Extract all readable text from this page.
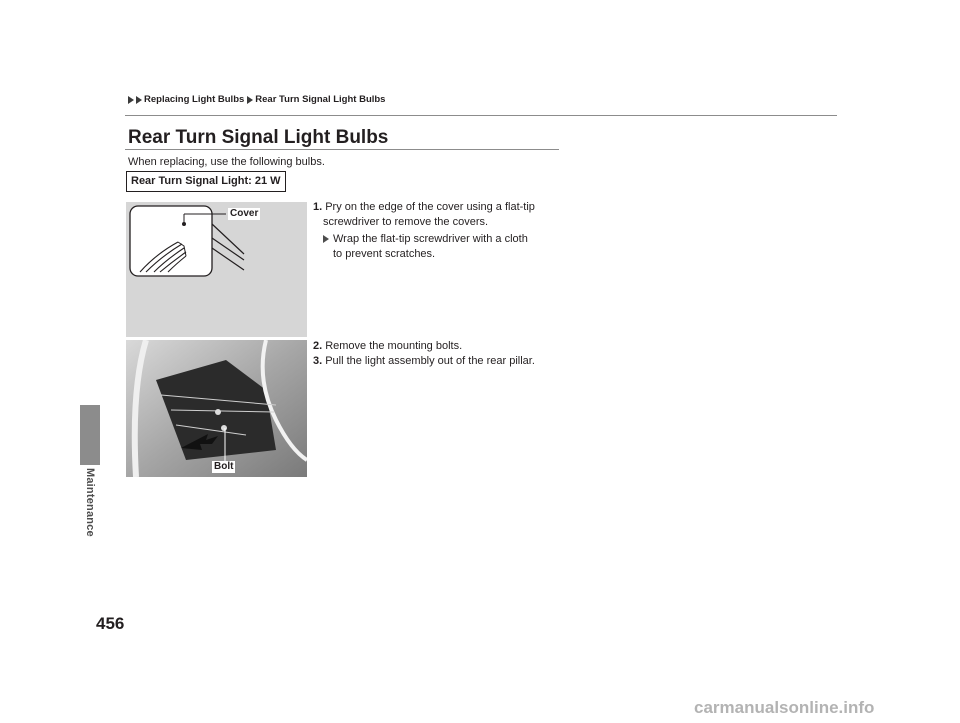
Maintenance
Replacing Light Bulbs Rear Turn Signal Light Bulbs
Rear Turn Signal Light Bulbs
When replacing, use the following bulbs.
Rear Turn Signal Light: 21 W
Cover
1. Pry on the edge of the cover using a flat-tip
screwdriver to remove the covers.
Wrap the flat-tip screwdriver with a cloth
to prevent scratches.
Bolt
2. Remove the mounting bolts.
3. Pull the light assembly out of the rear pillar.
456
carmanualsonline.info
